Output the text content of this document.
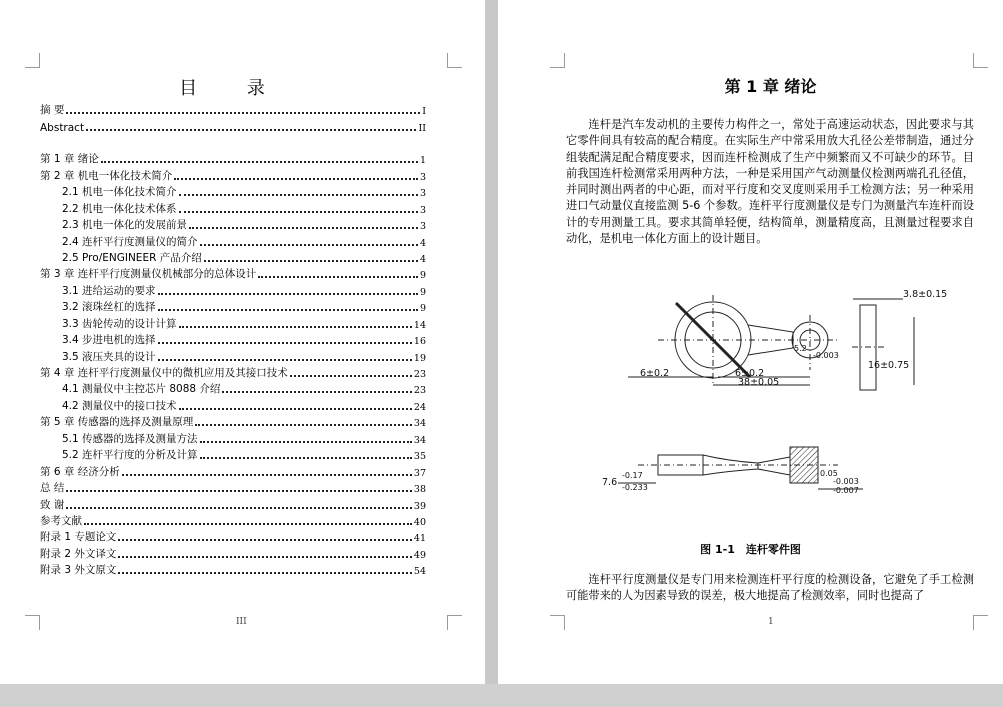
目 录
摘 要	I
Abstract	II
第 1 章 绪论	1
第 2 章 机电一体化技术简介	3
2.1 机电一体化技术简介	3
2.2 机电一体化技术体系	3
2.3 机电一体化的发展前景	3
2.4 连杆平行度测量仪的简介	4
2.5 Pro/ENGINEER 产品介绍	4
第 3 章 连杆平行度测量仪机械部分的总体设计	9
3.1 进给运动的要求	9
3.2 滚珠丝杠的选择	9
3.3 齿轮传动的设计计算	14
3.4 步进电机的选择	16
3.5 液压夹具的设计	19
第 4 章 连杆平行度测量仪中的微机应用及其接口技术	23
4.1 测量仪中主控芯片 8088 介绍	23
4.2 测量仪中的接口技术	24
第 5 章 传感器的选择及测量原理	34
5.1 传感器的选择及测量方法	34
5.2 连杆平行度的分析及计算	35
第 6 章 经济分析	37
总 结	38
致 谢	39
参考文献	40
附录 1 专题论文	41
附录 2 外文译文	49
附录 3 外文原文	54
III
第 1 章 绪论
1

连杆是汽车发动机的主要传力构件之一，常处于高速运动状态，因此要求与其它零件间具有较高的配合精度。在实际生产中常采用放大孔径公差带制造，通过分组装配满足配合精度要求，因而连杆检测成了生产中频繁而又不可缺少的环节。目前我国连杆检测常采用两种方法，一种是采用国产气动测量仪检测两端孔孔径值，并同时测出两者的中心距，而对平行度和交叉度则采用手工检测方法；另一种采用进口气动量仪直接监测 5-6 个参数。连杆平行度测量仪是专门为测量汽车连杆而设计的专用测量工具。要求其简单轻便，结构简单，测量精度高，且测量过程要求自动化，是机电一体化方面上的设计题目。

3.8±0.15
6±0.2	6±0.2
38±0.05
16±0.75
7.6
-0.17
-0.233
0.05
-0.003
-0.007
-0.003
5.2
图 1-1　连杆零件图

连杆平行度测量仪是专门用来检测连杆平行度的检测设备，它避免了手工检测可能带来的人为因素导致的误差，极大地提高了检测效率，同时也提高了
